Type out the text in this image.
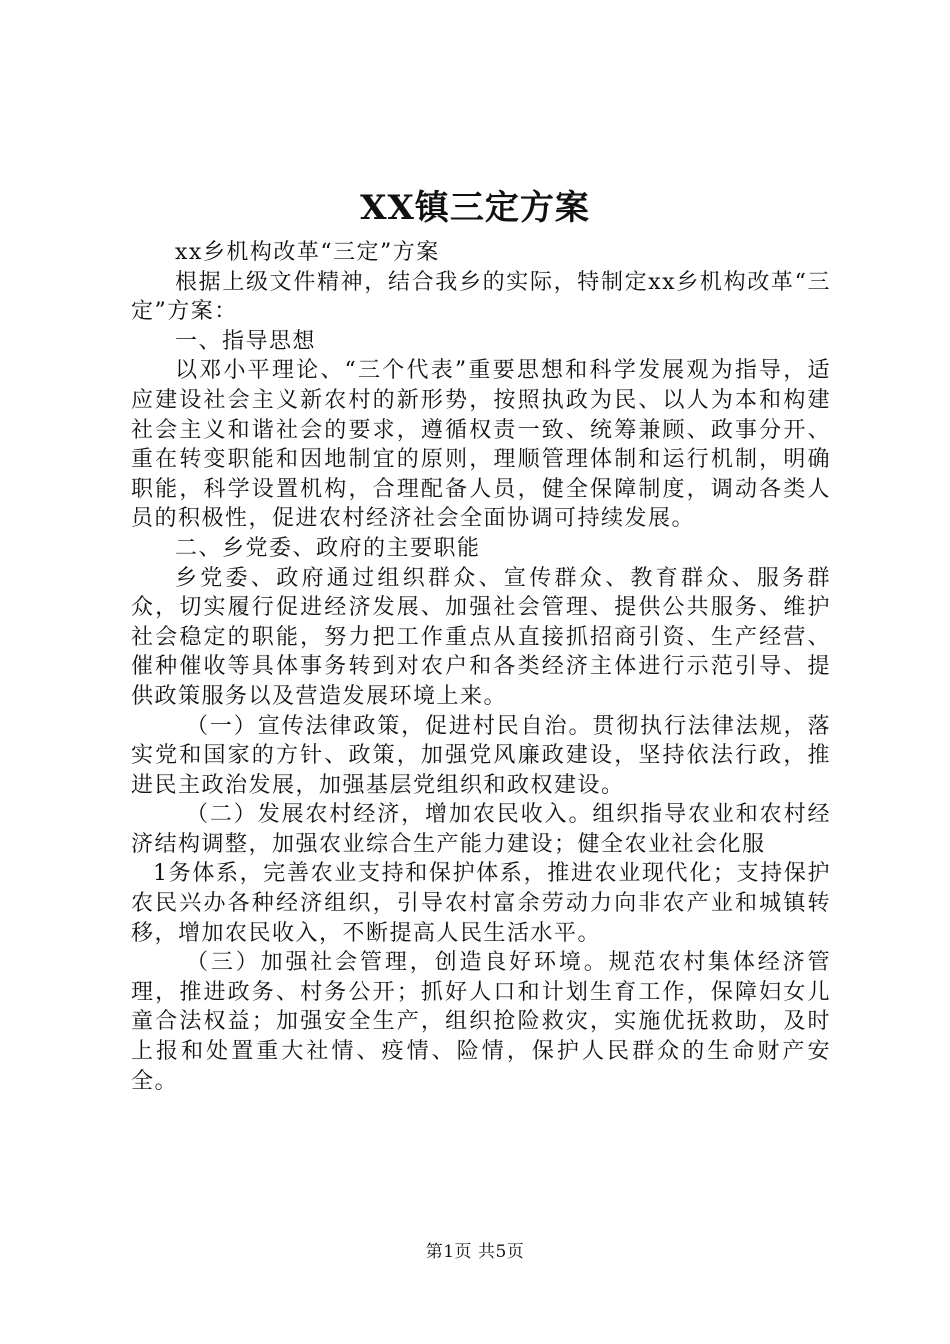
XX镇三定方案

xx乡机构改革“三定”方案

根据上级文件精神，结合我乡的实际，特制定xx乡机构改革“三定”方案：

一、指导思想

以邓小平理论、“三个代表”重要思想和科学发展观为指导，适应建设社会主义新农村的新形势，按照执政为民、以人为本和构建社会主义和谐社会的要求，遵循权责一致、统筹兼顾、政事分开、重在转变职能和因地制宜的原则，理顺管理体制和运行机制，明确职能，科学设置机构，合理配备人员，健全保障制度，调动各类人员的积极性，促进农村经济社会全面协调可持续发展。

二、乡党委、政府的主要职能

乡党委、政府通过组织群众、宣传群众、教育群众、服务群众，切实履行促进经济发展、加强社会管理、提供公共服务、维护社会稳定的职能，努力把工作重点从直接抓招商引资、生产经营、催种催收等具体事务转到对农户和各类经济主体进行示范引导、提供政策服务以及营造发展环境上来。

（一）宣传法律政策，促进村民自治。贯彻执行法律法规，落实党和国家的方针、政策，加强党风廉政建设，坚持依法行政，推进民主政治发展，加强基层党组织和政权建设。

（二）发展农村经济，增加农民收入。组织指导农业和农村经济结构调整，加强农业综合生产能力建设；健全农业社会化服

1务体系，完善农业支持和保护体系，推进农业现代化；支持保护农民兴办各种经济组织，引导农村富余劳动力向非农产业和城镇转移，增加农民收入，不断提高人民生活水平。

（三）加强社会管理，创造良好环境。规范农村集体经济管理，推进政务、村务公开；抓好人口和计划生育工作，保障妇女儿童合法权益；加强安全生产，组织抢险救灾，实施优抚救助，及时上报和处置重大社情、疫情、险情，保护人民群众的生命财产安全。

第1页 共5页
